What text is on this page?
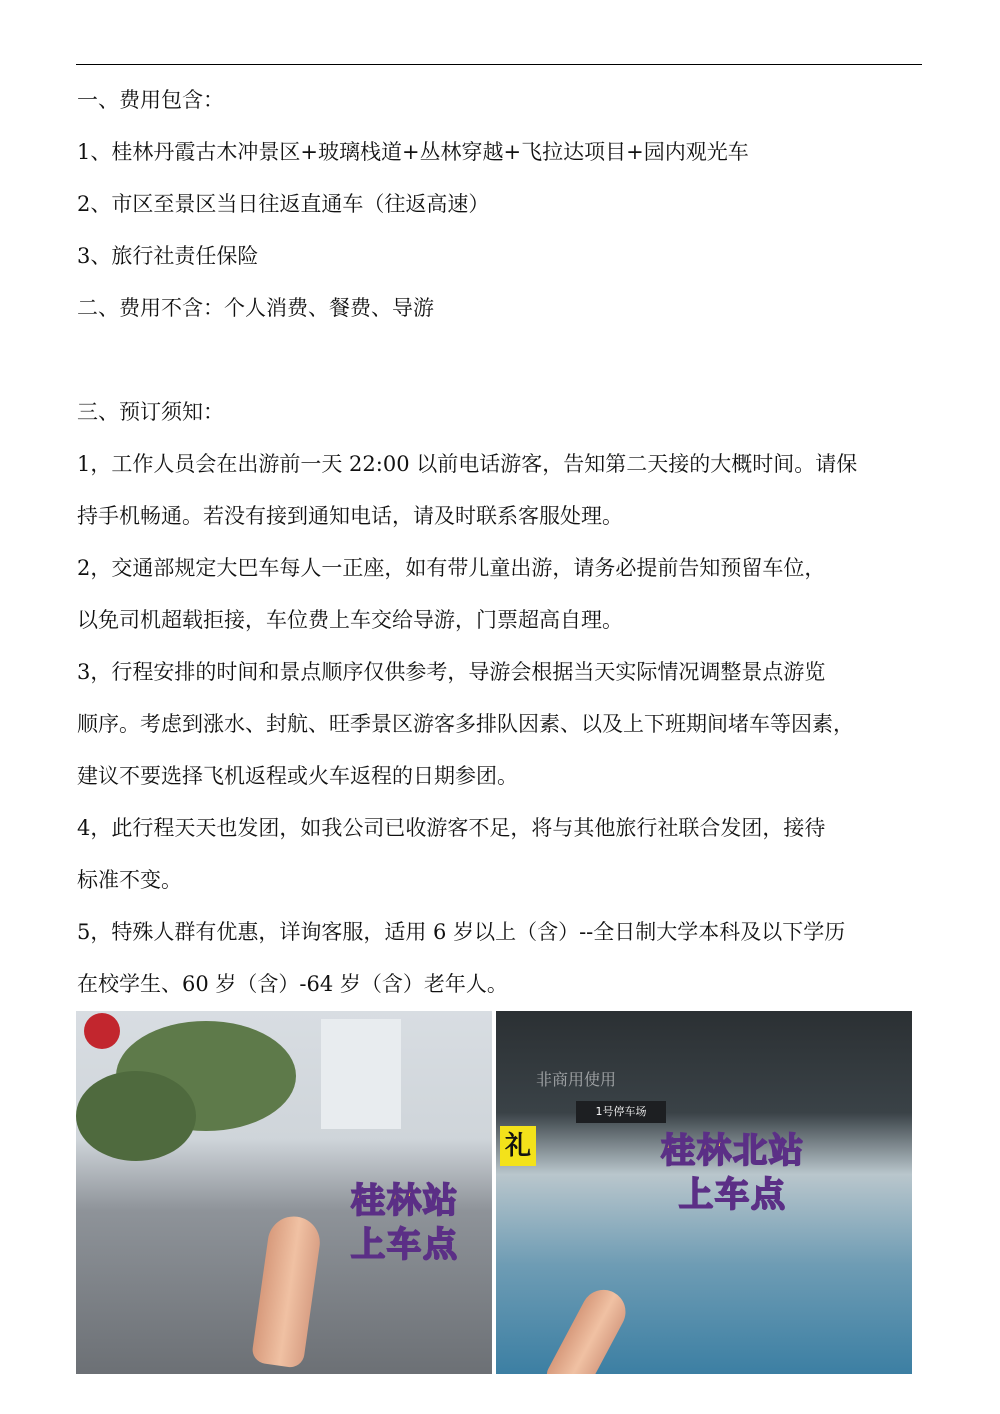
一、费用包含：
1、桂林丹霞古木冲景区+玻璃栈道+丛林穿越+飞拉达项目+园内观光车
2、市区至景区当日往返直通车（往返高速）
3、旅行社责任保险
二、费用不含：个人消费、餐费、导游
三、预订须知：
1，工作人员会在出游前一天 22:00 以前电话游客，告知第二天接的大概时间。请保
持手机畅通。若没有接到通知电话，请及时联系客服处理。
2，交通部规定大巴车每人一正座，如有带儿童出游，请务必提前告知预留车位，
以免司机超载拒接，车位费上车交给导游，门票超高自理。
3，行程安排的时间和景点顺序仅供参考，导游会根据当天实际情况调整景点游览
顺序。考虑到涨水、封航、旺季景区游客多排队因素、以及上下班期间堵车等因素，
建议不要选择飞机返程或火车返程的日期参团。
4，此行程天天也发团，如我公司已收游客不足，将与其他旅行社联合发团，接待
标准不变。
5，特殊人群有优惠，详询客服，适用 6 岁以上（含）--全日制大学本科及以下学历
在校学生、60 岁（含）-64 岁（含）老年人。
桂林站
上车点
1号停车场
礼
非商用使用
桂林北站
上车点
